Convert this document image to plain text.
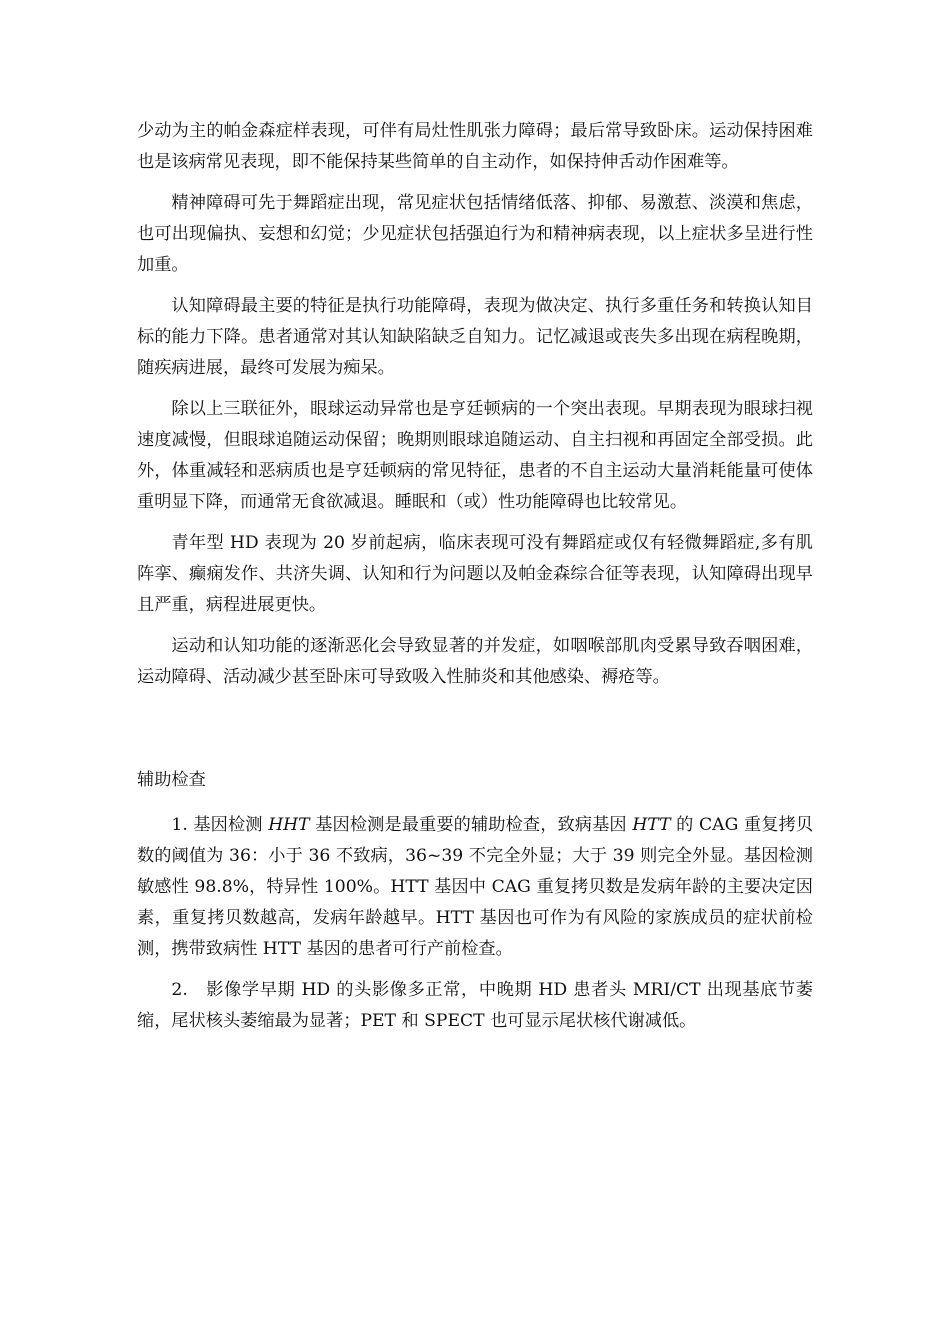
少动为主的帕金森症样表现，可伴有局灶性肌张力障碍；最后常导致卧床。运动保持困难也是该病常见表现，即不能保持某些简单的自主动作，如保持伸舌动作困难等。

精神障碍可先于舞蹈症出现，常见症状包括情绪低落、抑郁、易激惹、淡漠和焦虑，也可出现偏执、妄想和幻觉；少见症状包括强迫行为和精神病表现，以上症状多呈进行性加重。

认知障碍最主要的特征是执行功能障碍，表现为做决定、执行多重任务和转换认知目标的能力下降。患者通常对其认知缺陷缺乏自知力。记忆减退或丧失多出现在病程晚期，随疾病进展，最终可发展为痴呆。

除以上三联征外，眼球运动异常也是亨廷顿病的一个突出表现。早期表现为眼球扫视速度减慢，但眼球追随运动保留；晚期则眼球追随运动、自主扫视和再固定全部受损。此外，体重减轻和恶病质也是亨廷顿病的常见特征，患者的不自主运动大量消耗能量可使体重明显下降，而通常无食欲减退。睡眠和（或）性功能障碍也比较常见。

青年型 HD 表现为 20 岁前起病，临床表现可没有舞蹈症或仅有轻微舞蹈症,多有肌阵挛、癫痫发作、共济失调、认知和行为问题以及帕金森综合征等表现，认知障碍出现早且严重，病程进展更快。

运动和认知功能的逐渐恶化会导致显著的并发症，如咽喉部肌肉受累导致吞咽困难，运动障碍、活动减少甚至卧床可导致吸入性肺炎和其他感染、褥疮等。

辅助检查

1. 基因检测 HHT 基因检测是最重要的辅助检查，致病基因 HTT 的 CAG 重复拷贝数的阈值为 36：小于 36 不致病，36~39 不完全外显；大于 39 则完全外显。基因检测敏感性 98.8%，特异性 100%。HTT 基因中 CAG 重复拷贝数是发病年龄的主要决定因素，重复拷贝数越高，发病年龄越早。HTT 基因也可作为有风险的家族成员的症状前检测，携带致病性 HTT 基因的患者可行产前检查。

2.　影像学早期 HD 的头影像多正常，中晚期 HD 患者头 MRI/CT 出现基底节萎缩，尾状核头萎缩最为显著；PET 和 SPECT 也可显示尾状核代谢减低。
